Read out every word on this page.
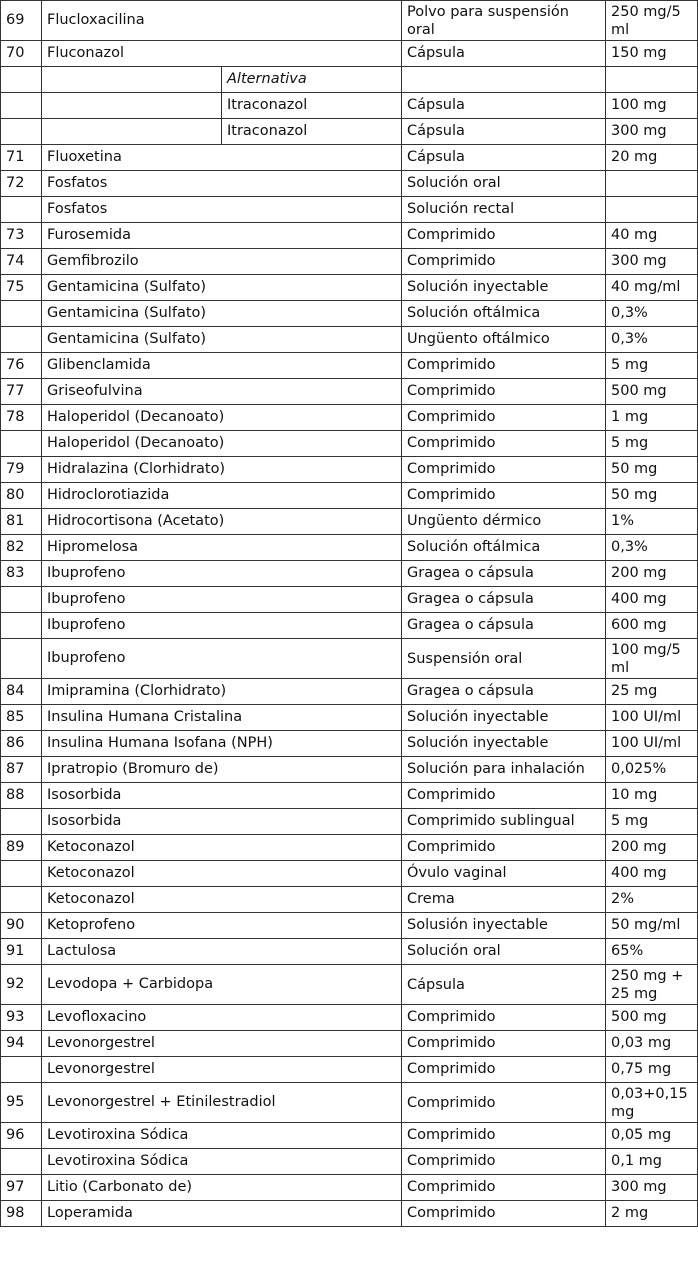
69	Flucloxacilina		Polvo para suspensión oral	250 mg/5 ml
70	Fluconazol		Cápsula	150 mg
		Alternativa		
		Itraconazol	Cápsula	100 mg
		Itraconazol	Cápsula	300 mg
71	Fluoxetina		Cápsula	20 mg
72	Fosfatos		Solución oral	
	Fosfatos		Solución rectal	
73	Furosemida		Comprimido	40 mg
74	Gemfibrozilo		Comprimido	300 mg
75	Gentamicina (Sulfato)		Solución inyectable	40 mg/ml
	Gentamicina (Sulfato)		Solución oftálmica	0,3%
	Gentamicina (Sulfato)		Ungüento oftálmico	0,3%
76	Glibenclamida		Comprimido	5 mg
77	Griseofulvina		Comprimido	500 mg
78	Haloperidol (Decanoato)		Comprimido	1 mg
	Haloperidol (Decanoato)		Comprimido	5 mg
79	Hidralazina (Clorhidrato)		Comprimido	50 mg
80	Hidroclorotiazida		Comprimido	50 mg
81	Hidrocortisona (Acetato)		Ungüento dérmico	1%
82	Hipromelosa		Solución oftálmica	0,3%
83	Ibuprofeno		Gragea o cápsula	200 mg
	Ibuprofeno		Gragea o cápsula	400 mg
	Ibuprofeno		Gragea o cápsula	600 mg
	Ibuprofeno		Suspensión oral	100 mg/5 ml
84	Imipramina (Clorhidrato)		Gragea o cápsula	25 mg
85	Insulina Humana Cristalina		Solución inyectable	100 UI/ml
86	Insulina Humana Isofana (NPH)		Solución inyectable	100 UI/ml
87	Ipratropio (Bromuro de)		Solución para inhalación	0,025%
88	Isosorbida		Comprimido	10 mg
	Isosorbida		Comprimido sublingual	5 mg
89	Ketoconazol		Comprimido	200 mg
	Ketoconazol		Óvulo vaginal	400 mg
	Ketoconazol		Crema	2%
90	Ketoprofeno		Solusión inyectable	50 mg/ml
91	Lactulosa		Solución oral	65%
92	Levodopa + Carbidopa		Cápsula	250 mg + 25 mg
93	Levofloxacino		Comprimido	500 mg
94	Levonorgestrel		Comprimido	0,03 mg
	Levonorgestrel		Comprimido	0,75 mg
95	Levonorgestrel + Etinilestradiol		Comprimido	0,03+0,15 mg
96	Levotiroxina Sódica		Comprimido	0,05 mg
	Levotiroxina Sódica		Comprimido	0,1 mg
97	Litio (Carbonato de)		Comprimido	300 mg
98	Loperamida		Comprimido	2 mg
